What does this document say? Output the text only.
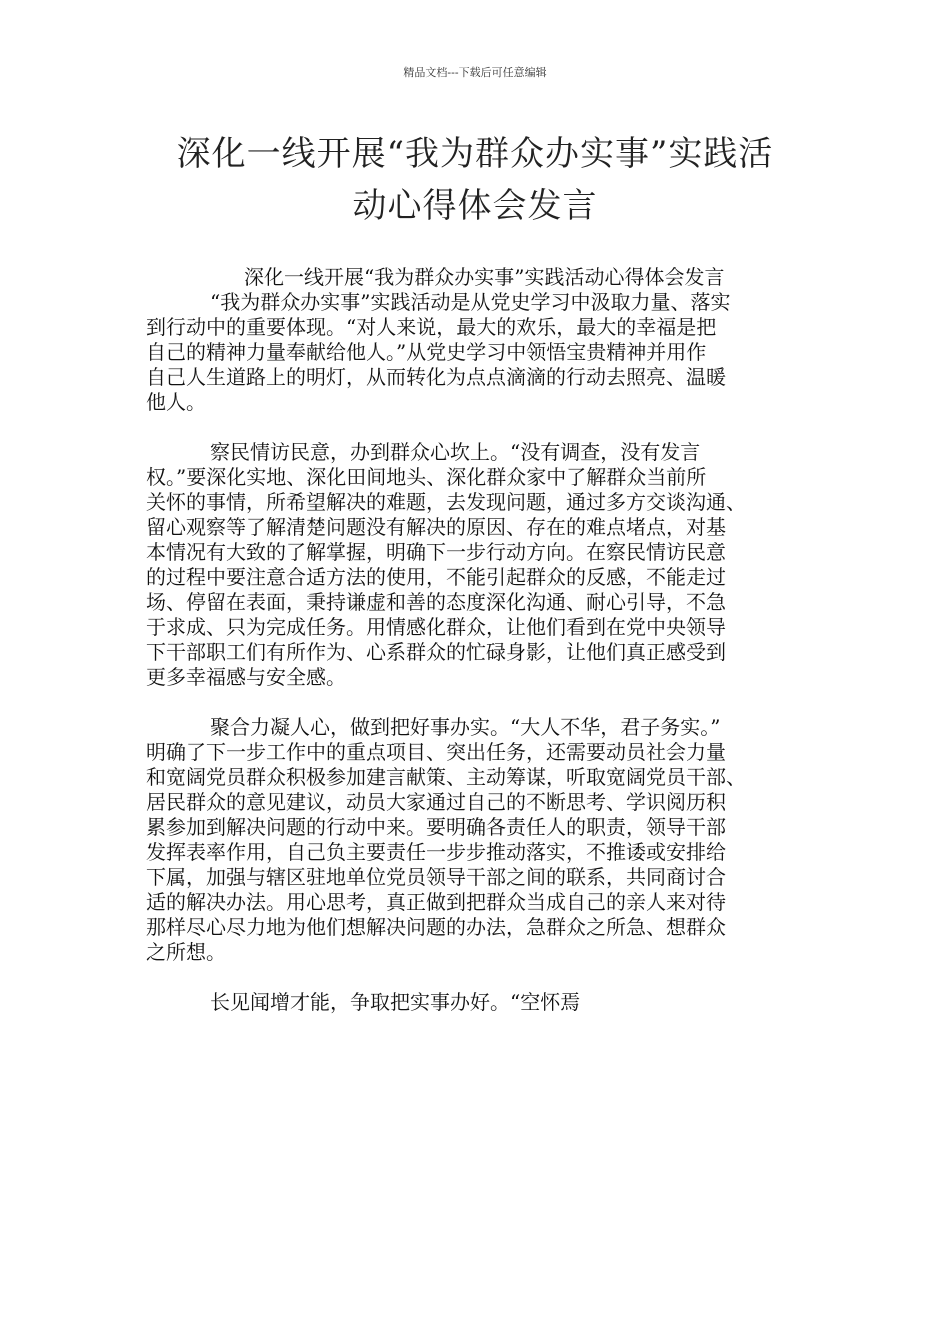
精品文档---下载后可任意编辑
深化一线开展“我为群众办实事”实践活
动心得体会发言

深化一线开展“我为群众办实事”实践活动心得体会发言

“我为群众办实事”实践活动是从党史学习中汲取力量、落实
到行动中的重要体现。“对人来说，最大的欢乐，最大的幸福是把
自己的精神力量奉献给他人。”从党史学习中领悟宝贵精神并用作
自己人生道路上的明灯，从而转化为点点滴滴的行动去照亮、温暖
他人。

察民情访民意，办到群众心坎上。“没有调查，没有发言
权。”要深化实地、深化田间地头、深化群众家中了解群众当前所
关怀的事情，所希望解决的难题，去发现问题，通过多方交谈沟通、
留心观察等了解清楚问题没有解决的原因、存在的难点堵点，对基
本情况有大致的了解掌握，明确下一步行动方向。在察民情访民意
的过程中要注意合适方法的使用，不能引起群众的反感，不能走过
场、停留在表面，秉持谦虚和善的态度深化沟通、耐心引导，不急
于求成、只为完成任务。用情感化群众，让他们看到在党中央领导
下干部职工们有所作为、心系群众的忙碌身影，让他们真正感受到
更多幸福感与安全感。

聚合力凝人心，做到把好事办实。“大人不华，君子务实。”
明确了下一步工作中的重点项目、突出任务，还需要动员社会力量
和宽阔党员群众积极参加建言献策、主动筹谋，听取宽阔党员干部、
居民群众的意见建议，动员大家通过自己的不断思考、学识阅历积
累参加到解决问题的行动中来。要明确各责任人的职责，领导干部
发挥表率作用，自己负主要责任一步步推动落实，不推诿或安排给
下属，加强与辖区驻地单位党员领导干部之间的联系，共同商讨合
适的解决办法。用心思考，真正做到把群众当成自己的亲人来对待
那样尽心尽力地为他们想解决问题的办法，急群众之所急、想群众
之所想。

长见闻增才能，争取把实事办好。“空怀焉
